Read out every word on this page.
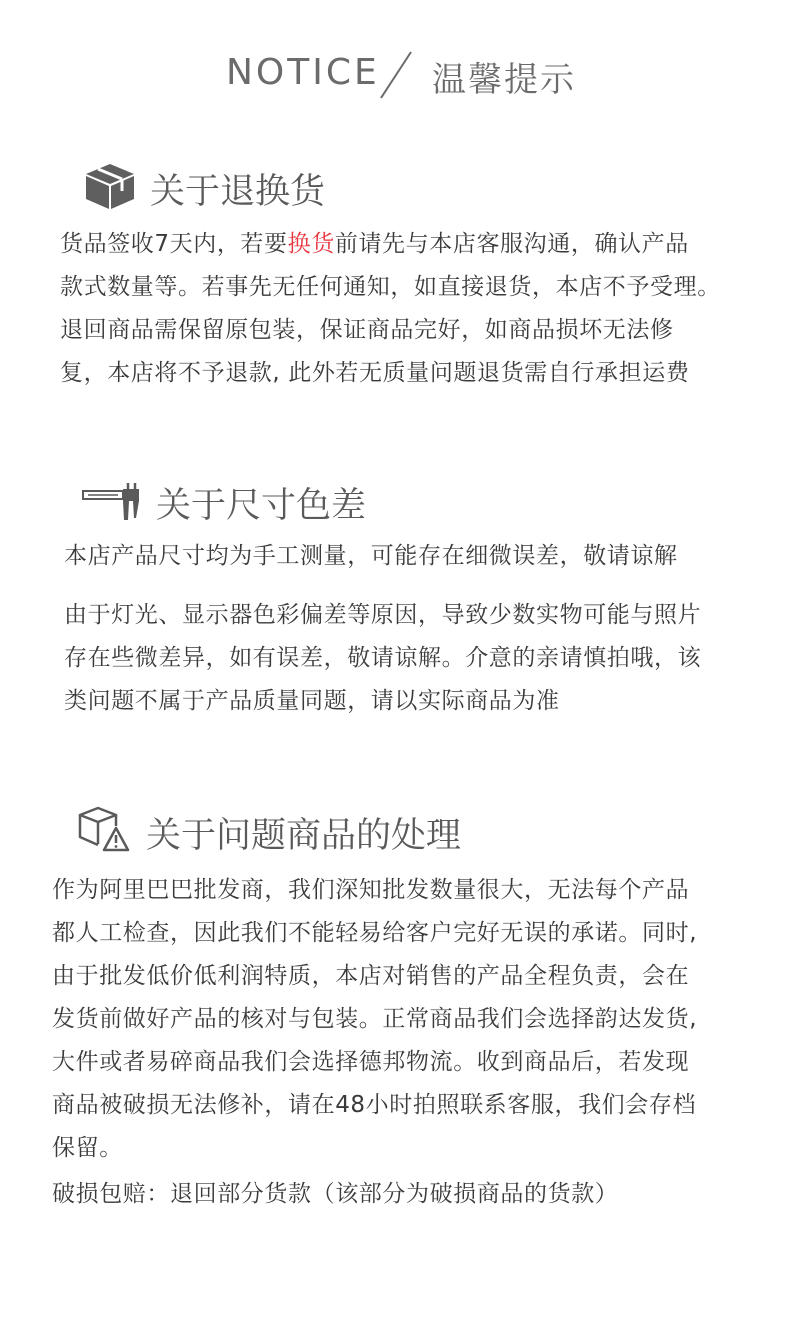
NOTICE 温馨提示
关于退换货
货品签收7天内，若要换货前请先与本店客服沟通，确认产品
款式数量等。若事先无任何通知，如直接退货，本店不予受理。
退回商品需保留原包装，保证商品完好，如商品损坏无法修
复，本店将不予退款, 此外若无质量问题退货需自行承担运费
关于尺寸色差
本店产品尺寸均为手工测量，可能存在细微误差，敬请谅解
由于灯光、显示器色彩偏差等原因，导致少数实物可能与照片
存在些微差异，如有误差，敬请谅解。介意的亲请慎拍哦，该
类问题不属于产品质量同题，请以实际商品为准
关于问题商品的处理
作为阿里巴巴批发商，我们深知批发数量很大，无法每个产品
都人工检查，因此我们不能轻易给客户完好无误的承诺。同时,
由于批发低价低利润特质，本店对销售的产品全程负责，会在
发货前做好产品的核对与包装。正常商品我们会选择韵达发货,
大件或者易碎商品我们会选择德邦物流。收到商品后，若发现
商品被破损无法修补，请在48小时拍照联系客服，我们会存档
保留。
破损包赔：退回部分货款（该部分为破损商品的货款）
